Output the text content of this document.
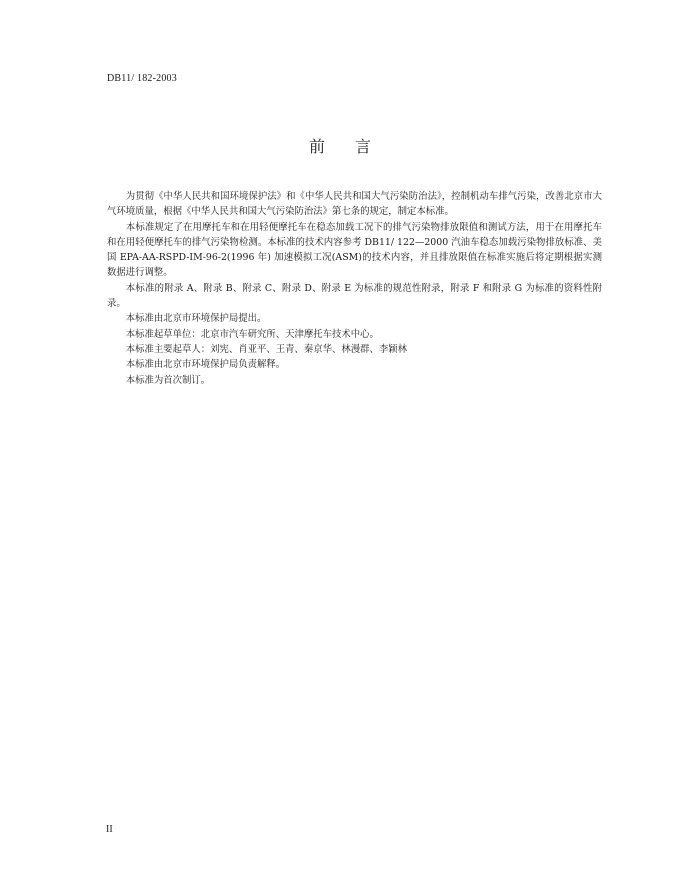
DB11/ 182-2003
前言

为贯彻《中华人民共和国环境保护法》和《中华人民共和国大气污染防治法》，控制机动车排气污染，改善北京市大气环境质量，根据《中华人民共和国大气污染防治法》第七条的规定，制定本标准。

本标准规定了在用摩托车和在用轻便摩托车在稳态加载工况下的排气污染物排放限值和测试方法，用于在用摩托车和在用轻便摩托车的排气污染物检测。本标准的技术内容参考 DB11/ 122—2000 汽油车稳态加载污染物排放标准、美国 EPA-AA-RSPD-IM-96-2(1996 年) 加速模拟工况(ASM)的技术内容，并且排放限值在标准实施后将定期根据实测数据进行调整。

本标准的附录 A、附录 B、附录 C、附录 D、附录 E 为标准的规范性附录，附录 F 和附录 G 为标准的资料性附录。

本标准由北京市环境保护局提出。

本标准起草单位：北京市汽车研究所、天津摩托车技术中心。

本标准主要起草人：刘宪、肖亚平、王青、秦京华、林漫群、李颖林

本标准由北京市环境保护局负责解释。

本标准为首次制订。

II
